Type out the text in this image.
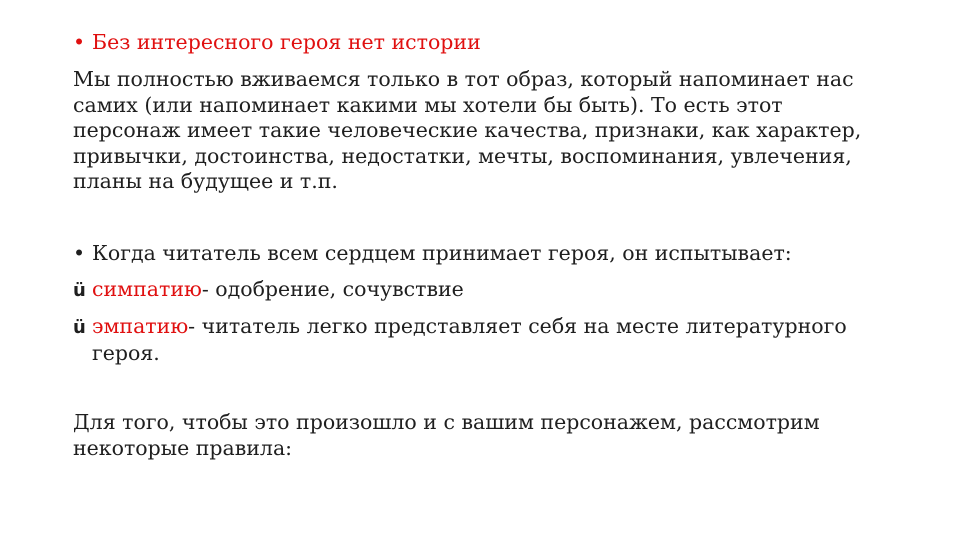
• Без интересного героя нет истории
Мы полностью вживаемся только в тот образ, который напоминает нас
самих (или напоминает какими мы хотели бы быть). То есть этот
персонаж имеет такие человеческие качества, признаки, как характер,
привычки, достоинства, недостатки, мечты, воспоминания, увлечения,
планы на будущее и т.п.
• Когда читатель всем сердцем принимает героя, он испытывает:
ü симпатию- одобрение, сочувствие
ü эмпатию- читатель легко представляет себя на месте литературного
героя.
Для того, чтобы это произошло и с вашим персонажем, рассмотрим
некоторые правила:
